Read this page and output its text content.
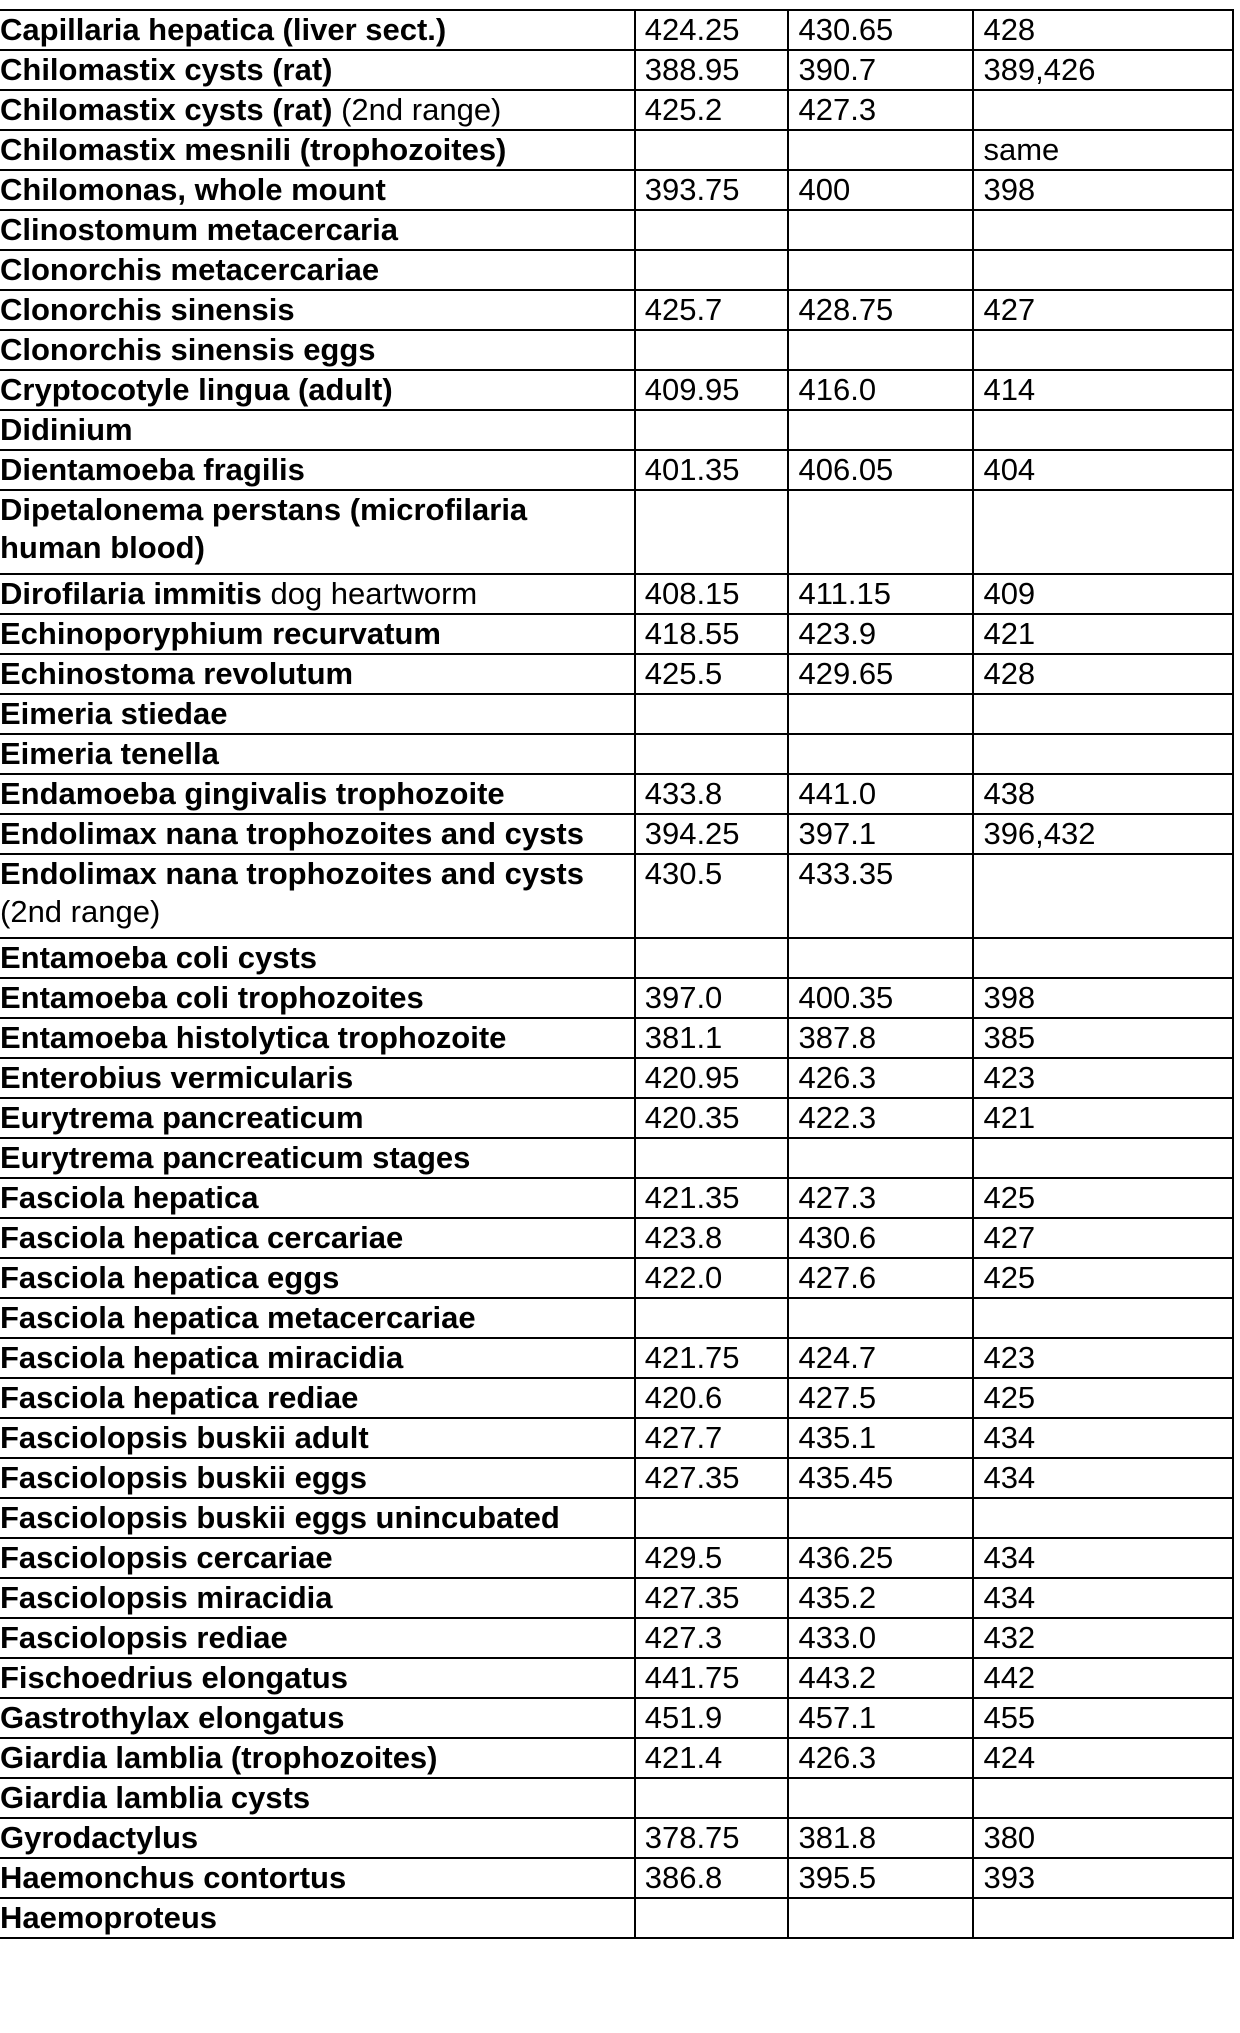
Capillaria hepatica (liver sect.)	424.25	430.65	428
Chilomastix cysts (rat)	388.95	390.7	389,426
Chilomastix cysts (rat) (2nd range)	425.2	427.3	
Chilomastix mesnili (trophozoites)			same
Chilomonas, whole mount	393.75	400	398
Clinostomum metacercaria			
Clonorchis metacercariae			
Clonorchis sinensis	425.7	428.75	427
Clonorchis sinensis eggs			
Cryptocotyle lingua (adult)	409.95	416.0	414
Didinium			
Dientamoeba fragilis	401.35	406.05	404
Dipetalonema perstans (microfilaria human blood)			
Dirofilaria immitis dog heartworm	408.15	411.15	409
Echinoporyphium recurvatum	418.55	423.9	421
Echinostoma revolutum	425.5	429.65	428
Eimeria stiedae			
Eimeria tenella			
Endamoeba gingivalis trophozoite	433.8	441.0	438
Endolimax nana trophozoites and cysts	394.25	397.1	396,432
Endolimax nana trophozoites and cysts (2nd range)	430.5	433.35	
Entamoeba coli cysts			
Entamoeba coli trophozoites	397.0	400.35	398
Entamoeba histolytica trophozoite	381.1	387.8	385
Enterobius vermicularis	420.95	426.3	423
Eurytrema pancreaticum	420.35	422.3	421
Eurytrema pancreaticum stages			
Fasciola hepatica	421.35	427.3	425
Fasciola hepatica cercariae	423.8	430.6	427
Fasciola hepatica eggs	422.0	427.6	425
Fasciola hepatica metacercariae			
Fasciola hepatica miracidia	421.75	424.7	423
Fasciola hepatica rediae	420.6	427.5	425
Fasciolopsis buskii adult	427.7	435.1	434
Fasciolopsis buskii eggs	427.35	435.45	434
Fasciolopsis buskii eggs unincubated			
Fasciolopsis cercariae	429.5	436.25	434
Fasciolopsis miracidia	427.35	435.2	434
Fasciolopsis rediae	427.3	433.0	432
Fischoedrius elongatus	441.75	443.2	442
Gastrothylax elongatus	451.9	457.1	455
Giardia lamblia (trophozoites)	421.4	426.3	424
Giardia lamblia cysts			
Gyrodactylus	378.75	381.8	380
Haemonchus contortus	386.8	395.5	393
Haemoproteus			
